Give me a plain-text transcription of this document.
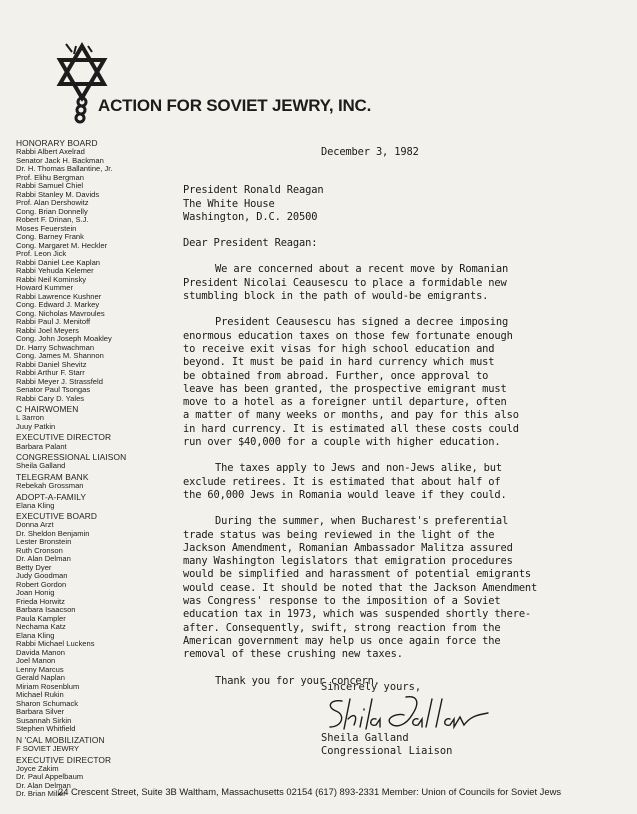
ACTION FOR SOVIET JEWRY, INC.
HONORARY BOARD
Rabbi Albert Axelrad
Senator Jack H. Backman
Dr. H. Thomas Ballantine, Jr.
Prof. Elihu Bergman
Rabbi Samuel Chiel
Rabbi Stanley M. Davids
Prof. Alan Dershowitz
Cong. Brian Donnelly
Robert F. Drinan, S.J.
Moses Feuerstein
Cong. Barney Frank
Cong. Margaret M. Heckler
Prof. Leon Jick
Rabbi Daniel Lee Kaplan
Rabbi Yehuda Kelemer
Rabbi Neil Kominsky
Howard Kummer
Rabbi Lawrence Kushner
Cong. Edward J. Markey
Cong. Nicholas Mavroules
Rabbi Paul J. Menitoff
Rabbi Joel Meyers
Cong. John Joseph Moakley
Dr. Harry Schwachman
Cong. James M. Shannon
Rabbi Daniel Shevitz
Rabbi Arthur F. Starr
Rabbi Meyer J. Strassfeld
Senator Paul Tsongas
Rabbi Cary D. Yales
C HAIRWOMEN
L 3arron
Juuy Patkin
EXECUTIVE DIRECTOR
Barbara Palant
CONGRESSIONAL LIAISON
Sheila Galland
TELEGRAM BANK
Rebekah Grossman
ADOPT-A-FAMILY
Elana Kling
EXECUTIVE BOARD
Donna Arzt
Dr. Sheldon Benjamin
Lester Bronstein
Ruth Cronson
Dr. Alan Delman
Betty Dyer
Judy Goodman
Robert Gordon
Joan Honig
Frieda Horwitz
Barbara Isaacson
Paula Kampler
Nechama Katz
Elana Kling
Rabbi Michael Luckens
Davida Manon
Joel Manon
Lenny Marcus
Gerald Naplan
Miriam Rosenblum
Michael Rukin
Sharon Schumack
Barbara Silver
Susannah Sirkin
Stephen Whitfield
N 'CAL MOBILIZATION
F SOVIET JEWRY
EXECUTIVE DIRECTOR
Joyce Zakim
Dr. Paul Appelbaum
Dr. Alan Delman
Dr. Brian Miller
December 3, 1982
President Ronald Reagan
The White House
Washington, D.C. 20500
Dear President Reagan:

We are concerned about a recent move by Romanian
President Nicolai Ceausescu to place a formidable new
stumbling block in the path of would-be emigrants.

President Ceausescu has signed a decree imposing
enormous education taxes on those few fortunate enough
to receive exit visas for high school education and
beyond. It must be paid in hard currency which must
be obtained from abroad. Further, once approval to
leave has been granted, the prospective emigrant must
move to a hotel as a foreigner until departure, often
a matter of many weeks or months, and pay for this also
in hard currency. It is estimated all these costs could
run over $40,000 for a couple with higher education.

The taxes apply to Jews and non-Jews alike, but
exclude retirees. It is estimated that about half of
the 60,000 Jews in Romania would leave if they could.

During the summer, when Bucharest's preferential
trade status was being reviewed in the light of the
Jackson Amendment, Romanian Ambassador Malitza assured
many Washington legislators that emigration procedures
would be simplified and harassment of potential emigrants
would cease. It should be noted that the Jackson Amendment
was Congress' response to the imposition of a Soviet
education tax in 1973, which was suspended shortly there-
after. Consequently, swift, strong reaction from the
American government may help us once again force the
removal of these crushing new taxes.

Thank you for your concern.

Sincerely yours,
Sheila Galland
Congressional Liaison
24 Crescent Street, Suite 3B Waltham, Massachusetts 02154 (617) 893-2331 Member: Union of Councils for Soviet Jews
